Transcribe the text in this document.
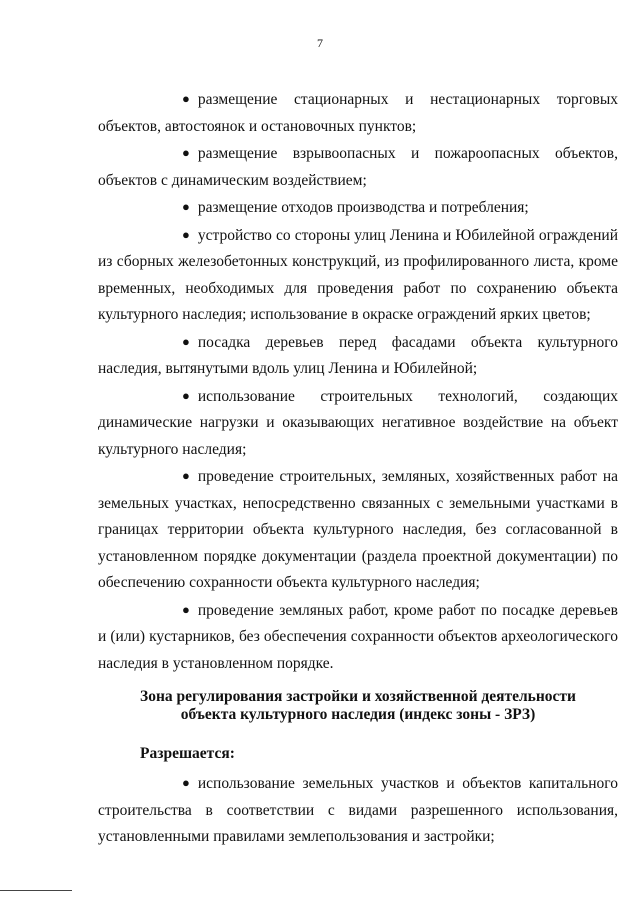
7

● размещение стационарных и нестационарных торговых объектов, автостоянок и остановочных пунктов;

● размещение взрывоопасных и пожароопасных объектов, объектов с динамическим воздействием;

● размещение отходов производства и потребления;

● устройство со стороны улиц Ленина и Юбилейной ограждений из сборных железобетонных конструкций, из профилированного листа, кроме временных, необходимых для проведения работ по сохранению объекта культурного наследия; использование в окраске ограждений ярких цветов;

● посадка деревьев перед фасадами объекта культурного наследия, вытянутыми вдоль улиц Ленина и Юбилейной;

● использование строительных технологий, создающих динамические нагрузки и оказывающих негативное воздействие на объект культурного наследия;

● проведение строительных, земляных, хозяйственных работ на земельных участках, непосредственно связанных с земельными участками в границах территории объекта культурного наследия, без согласованной в установленном порядке документации (раздела проектной документации) по обеспечению сохранности объекта культурного наследия;

● проведение земляных работ, кроме работ по посадке деревьев и (или) кустарников, без обеспечения сохранности объектов археологического наследия в установленном порядке.

Зона регулирования застройки и хозяйственной деятельности
объекта культурного наследия (индекс зоны - ЗРЗ)
Разрешается:

● использование земельных участков и объектов капитального строительства в соответствии с видами разрешенного использования, установленными правилами землепользования и застройки;
